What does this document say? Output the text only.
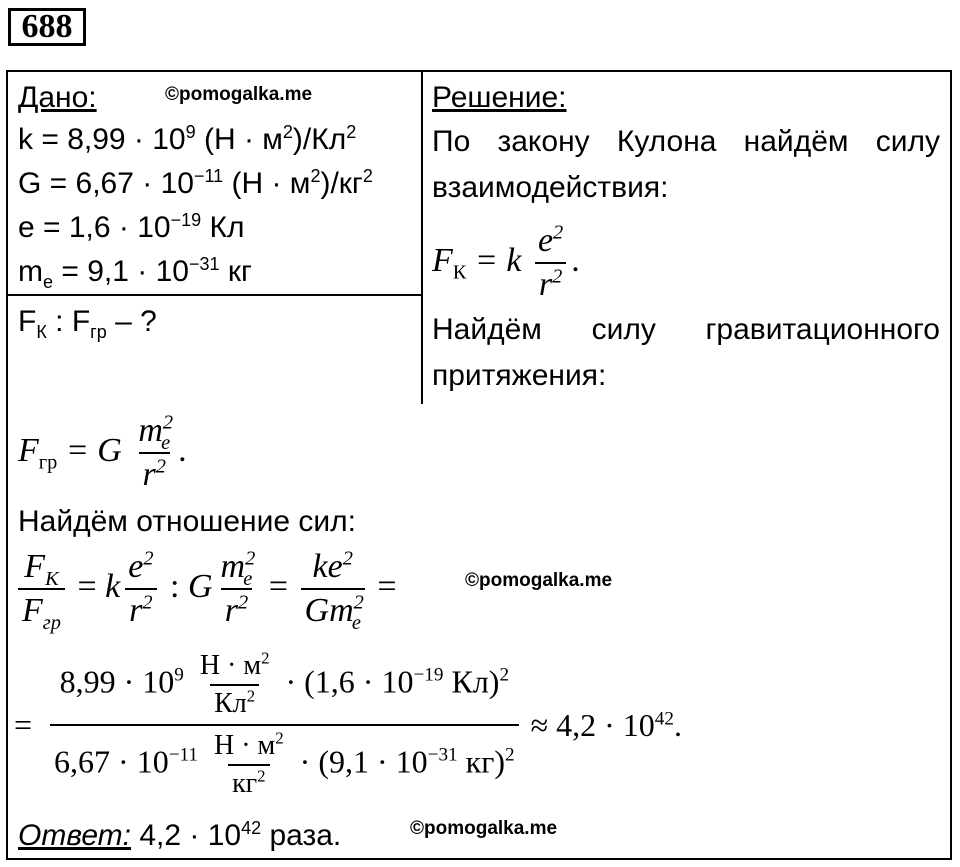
688
Дано:	©pomogalka.me
$k = 8,99 \cdot 10^9$ $(Н \cdot м^2)/Кл^2$
$G = 6,67 \cdot 10^{-11}$ $(Н \cdot м^2)/кг^2$
$e = 1,6 \cdot 10^{-19}$ Кл
$m_e = 9,1 \cdot 10^{-31}$ кг
$F_К$ : $F_{гр}$ – ?
Решение:
По закону Кулона найдём силу
взаимодействия:
$F_К = k \frac{e^2}{r^2}$ .
Найдём силу гравитационного
притяжения:
$F_{гр} = G \frac{m^2_e}{r^2}$ .
Найдём отношение сил:
$\frac{F_К}{F_{гр}} = k \frac{e^2}{r^2}$ : G $\frac{m^2_e}{r^2} = \frac{ke^2}{Gm^2_e}$ =	©pomogalka.me
= $\frac{8,99 \cdot 10^9 \frac{Н \cdot м^2}{Кл^2} \cdot (1,6 \cdot 10^{-19} Кл)^2}{6,67 \cdot 10^{-11} \frac{Н \cdot м^2}{кг^2} \cdot (9,1 \cdot 10^{-31} кг)^2} \approx 4,2 \cdot 10^{42}$.
Ответ: $4,2 \cdot 10^{42}$ раза.	©pomogalka.me
